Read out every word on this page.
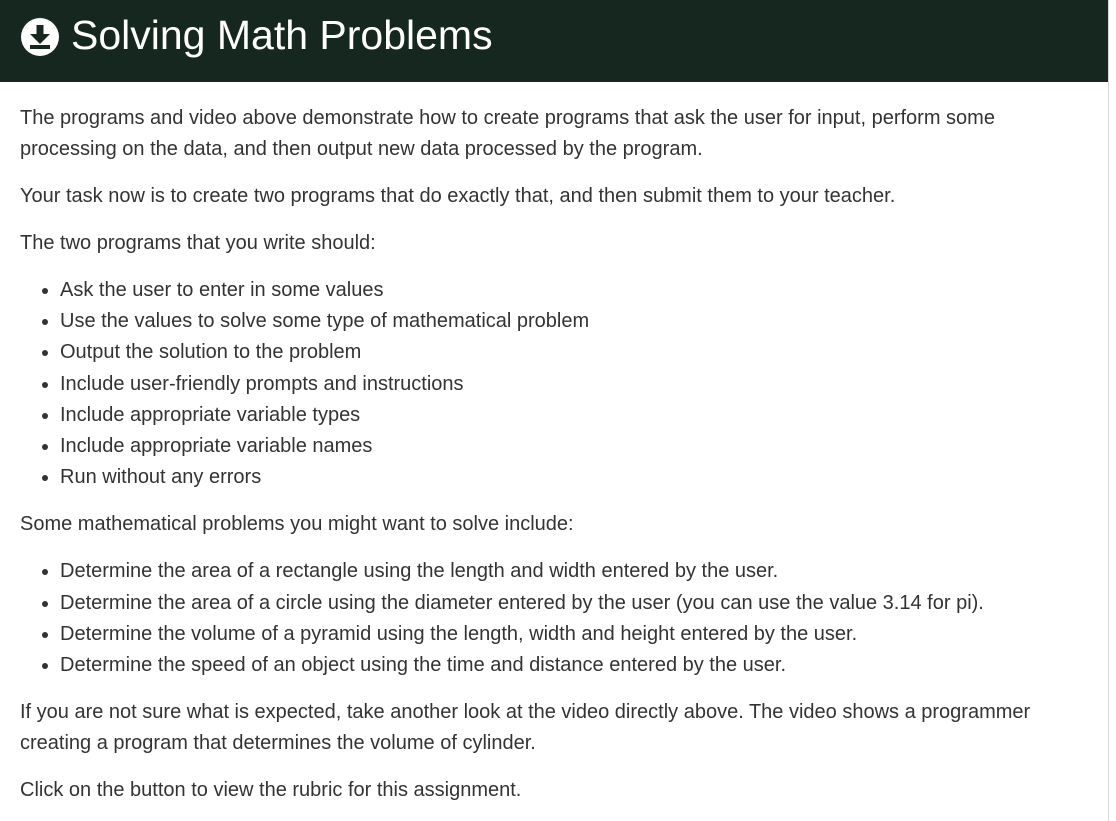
Solving Math Problems

The programs and video above demonstrate how to create programs that ask the user for input, perform some processing on the data, and then output new data processed by the program.

Your task now is to create two programs that do exactly that, and then submit them to your teacher.

The two programs that you write should:

• Ask the user to enter in some values
• Use the values to solve some type of mathematical problem
• Output the solution to the problem
• Include user-friendly prompts and instructions
• Include appropriate variable types
• Include appropriate variable names
• Run without any errors

Some mathematical problems you might want to solve include:

• Determine the area of a rectangle using the length and width entered by the user.
• Determine the area of a circle using the diameter entered by the user (you can use the value 3.14 for pi).
• Determine the volume of a pyramid using the length, width and height entered by the user.
• Determine the speed of an object using the time and distance entered by the user.

If you are not sure what is expected, take another look at the video directly above. The video shows a programmer creating a program that determines the volume of cylinder.

Click on the button to view the rubric for this assignment.
